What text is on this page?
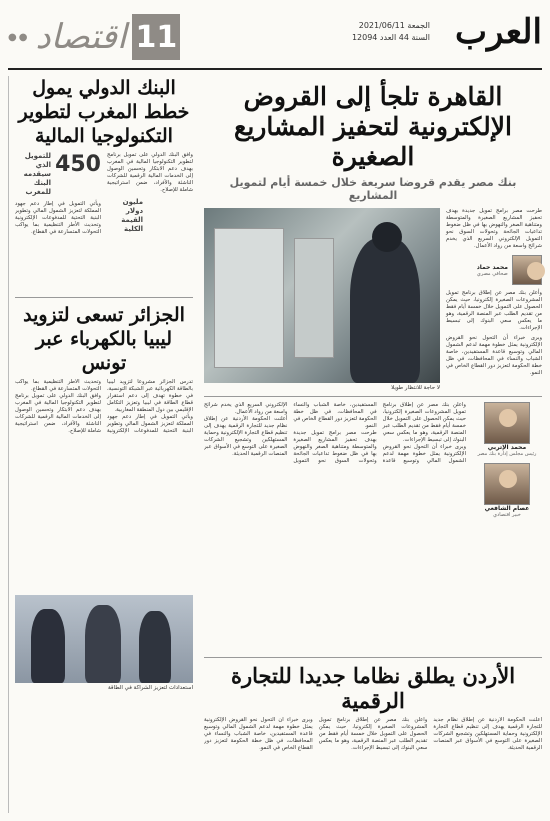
العرب
الجمعة 2021/06/11
السنة 44 العدد 12094
11
اقتصاد
●●
القاهرة تلجأ إلى القروض الإلكترونية لتحفيز المشاريع الصغيرة
بنك مصر يقدم قروضا سريعة خلال خمسة أيام لتمويل المشاريع

طرحت مصر برامج تمويل جديدة بهدف تحفيز المشاريع الصغيرة والمتوسطة ومتناهية الصغر والنهوض بها في ظل ضغوط تداعيات الجائحة وتحولات السوق نحو التمويل الإلكتروني السريع الذي يخدم شرائح واسعة من رواد الأعمال.

محمد حماد
صحافي مصري

وأعلن بنك مصر عن إطلاق برنامج تمويل المشروعات الصغيرة إلكترونيا، حيث يمكن الحصول على التمويل خلال خمسة أيام فقط من تقديم الطلب عبر المنصة الرقمية، وهو ما يعكس سعي البنوك إلى تبسيط الإجراءات.

ويرى خبراء أن التحول نحو القروض الإلكترونية يمثل خطوة مهمة لدعم الشمول المالي وتوسيع قاعدة المستفيدين، خاصة الشباب والنساء في المحافظات، في ظل خطة الحكومة لتعزيز دور القطاع الخاص في النمو.

لا حاجة للانتظار طويلا
محمد الإتربي
رئيس مجلس إدارة بنك مصر
عصام الشافعي
خبير اقتصادي

وأعلن بنك مصر عن إطلاق برنامج تمويل المشروعات الصغيرة إلكترونيا، حيث يمكن الحصول على التمويل خلال خمسة أيام فقط من تقديم الطلب عبر المنصة الرقمية، وهو ما يعكس سعي البنوك إلى تبسيط الإجراءات.

ويرى خبراء أن التحول نحو القروض الإلكترونية يمثل خطوة مهمة لدعم الشمول المالي وتوسيع قاعدة المستفيدين، خاصة الشباب والنساء في المحافظات، في ظل خطة الحكومة لتعزيز دور القطاع الخاص في النمو.

طرحت مصر برامج تمويل جديدة بهدف تحفيز المشاريع الصغيرة والمتوسطة ومتناهية الصغر والنهوض بها في ظل ضغوط تداعيات الجائحة وتحولات السوق نحو التمويل الإلكتروني السريع الذي يخدم شرائح واسعة من رواد الأعمال.

أعلنت الحكومة الأردنية عن إطلاق نظام جديد للتجارة الرقمية يهدف إلى تنظيم قطاع التجارة الإلكترونية وحماية المستهلكين وتشجيع الشركات الصغيرة على التوسع في الأسواق عبر المنصات الرقمية الحديثة.

الأردن يطلق نظاما جديدا للتجارة الرقمية

أعلنت الحكومة الأردنية عن إطلاق نظام جديد للتجارة الرقمية يهدف إلى تنظيم قطاع التجارة الإلكترونية وحماية المستهلكين وتشجيع الشركات الصغيرة على التوسع في الأسواق عبر المنصات الرقمية الحديثة.

وأعلن بنك مصر عن إطلاق برنامج تمويل المشروعات الصغيرة إلكترونيا، حيث يمكن الحصول على التمويل خلال خمسة أيام فقط من تقديم الطلب عبر المنصة الرقمية، وهو ما يعكس سعي البنوك إلى تبسيط الإجراءات.

ويرى خبراء أن التحول نحو القروض الإلكترونية يمثل خطوة مهمة لدعم الشمول المالي وتوسيع قاعدة المستفيدين، خاصة الشباب والنساء في المحافظات، في ظل خطة الحكومة لتعزيز دور القطاع الخاص في النمو.

البنك الدولي يمول خطط المغرب لتطوير التكنولوجيا المالية

وافق البنك الدولي على تمويل برنامج لتطوير التكنولوجيا المالية في المغرب بهدف دعم الابتكار وتحسين الوصول إلى الخدمات المالية الرقمية للشركات الناشئة والأفراد، ضمن استراتيجية شاملة للإصلاح.

450
مليون دولار القيمة الكلية للتمويل الذي سيقدمه البنك للمغرب

ويأتي التمويل في إطار دعم جهود المملكة لتعزيز الشمول المالي وتطوير البنية التحتية للمدفوعات الإلكترونية وتحديث الأطر التنظيمية بما يواكب التحولات المتسارعة في القطاع.

الجزائر تسعى لتزويد ليبيا بالكهرباء عبر تونس

تدرس الجزائر مشروعا لتزويد ليبيا بالطاقة الكهربائية عبر الشبكة التونسية، في خطوة تهدف إلى دعم استقرار قطاع الطاقة في ليبيا وتعزيز التكامل الإقليمي بين دول المنطقة المغاربية.

ويأتي التمويل في إطار دعم جهود المملكة لتعزيز الشمول المالي وتطوير البنية التحتية للمدفوعات الإلكترونية وتحديث الأطر التنظيمية بما يواكب التحولات المتسارعة في القطاع.

وافق البنك الدولي على تمويل برنامج لتطوير التكنولوجيا المالية في المغرب بهدف دعم الابتكار وتحسين الوصول إلى الخدمات المالية الرقمية للشركات الناشئة والأفراد، ضمن استراتيجية شاملة للإصلاح.

استعدادات لتعزيز الشراكة في الطاقة
